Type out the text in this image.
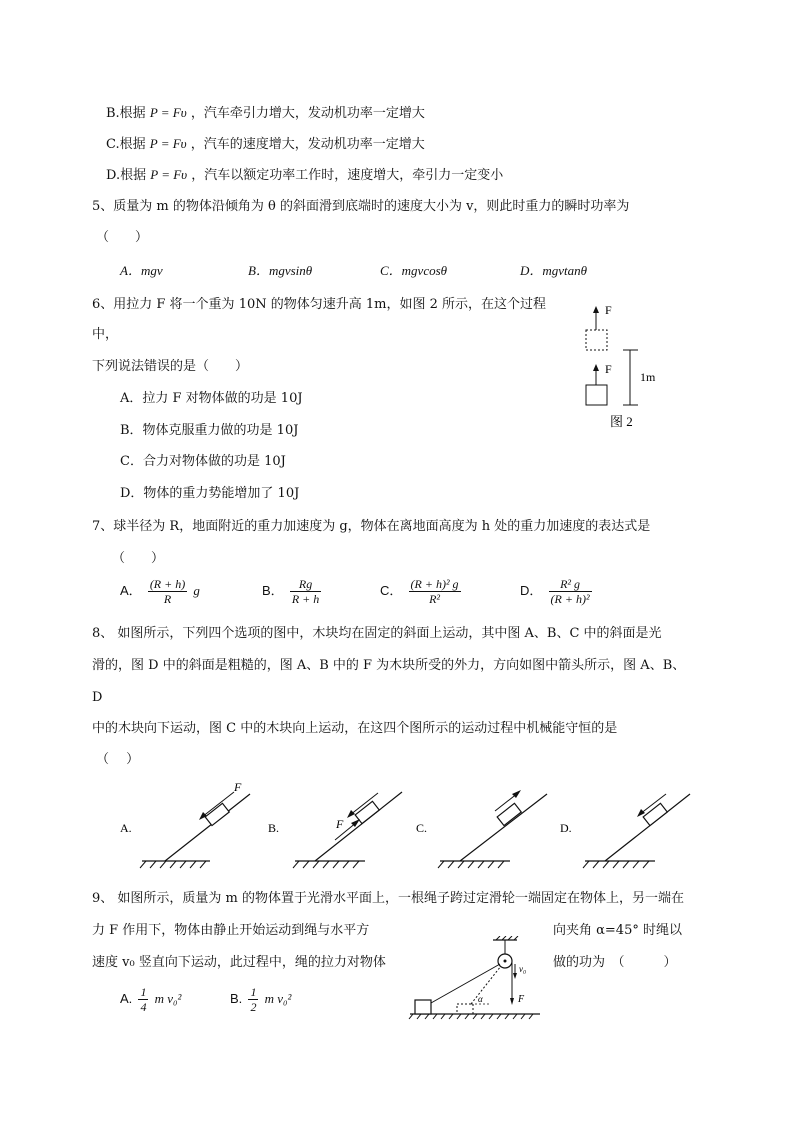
B.根据 P = Fυ ，汽车牵引力增大，发动机功率一定增大
C.根据 P = Fυ ，汽车的速度增大，发动机功率一定增大
D.根据 P = Fυ ，汽车以额定功率工作时，速度增大，牵引力一定变小
5、质量为 m 的物体沿倾角为 θ 的斜面滑到底端时的速度大小为 v，则此时重力的瞬时功率为
（　　）
A．mgv	B．mgvsinθ	C．mgvcosθ	D．mgvtanθ
6、用拉力 F 将一个重为 10N 的物体匀速升高 1m，如图 2 所示，在这个过程
中，
下列说法错误的是（　　）
A．拉力 F 对物体做的功是 10J
B．物体克服重力做的功是 10J
C．合力对物体做的功是 10J
D．物体的重力势能增加了 10J
F
F
1m
图 2
7、球半径为 R，地面附近的重力加速度为 g，物体在离地面高度为 h 处的重力加速度的表达式是
（　　）
A． $\frac{(R + h)}{R}$ g	B． $\frac{Rg}{R + h}$	C． $\frac{\text{(R + h)² g}}{\text{R²}}$	D． $\frac{\text{R² g}}{\text{(R + h)²}}$
8、 如图所示，下列四个选项的图中，木块均在固定的斜面上运动，其中图 A、B、C 中的斜面是光
滑的，图 D 中的斜面是粗糙的，图 A、B 中的 F 为木块所受的外力，方向如图中箭头所示，图 A、B、
D
中的木块向下运动，图 C 中的木块向上运动，在这四个图所示的运动过程中机械能守恒的是
（　 ）
A.
F
B.	F	C.	D.
9、 如图所示，质量为 m 的物体置于光滑水平面上，一根绳子跨过定滑轮一端固定在物体上，另一端在
力 F 作用下，物体由静止开始运动到绳与水平方	向夹角 α=45° 时绳以
速度 v₀ 竖直向下运动，此过程中，绳的拉力对物体	做的功为　（　　　）
A. $\frac{1}{4}$ m v₀²	B. $\frac{1}{2}$ m v₀²
v₀
F
α
